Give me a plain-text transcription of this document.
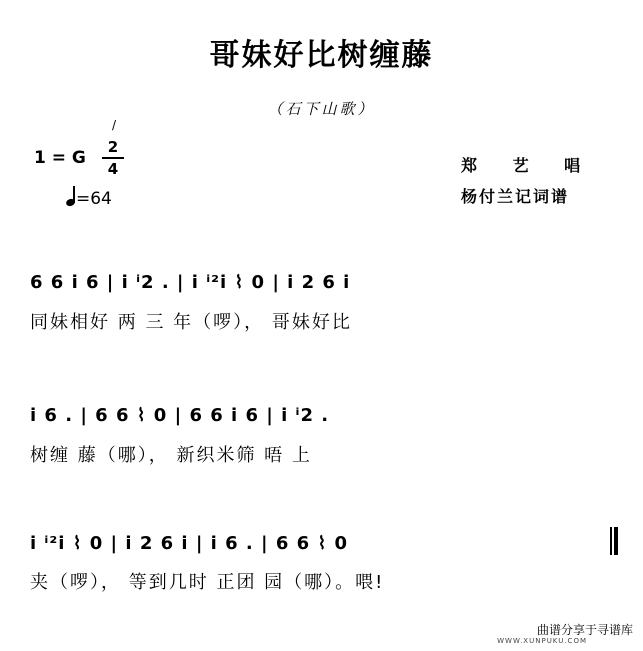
哥妹好比树缠藤
（石下山歌）
/
1 = G
2
4
=64
郑 艺 唱
杨付兰记词谱
6 6 i 6 | i ⁱ2 . | i ⁱ²i ⌇ 0 | i 2 6 i
同妹相好 两 三 年（啰）， 哥妹好比
i 6 . | 6 6 ⌇ 0 | 6 6 i 6 | i ⁱ2 .
树缠 藤（哪）， 新织米筛 唔 上
i ⁱ²i ⌇ 0 | i 2 6 i | i 6 . | 6 6 ⌇ 0
夹（啰）， 等到几时 正团 园（哪）。喂!
曲谱分享于寻谱库
WWW.XUNPUKU.COM
